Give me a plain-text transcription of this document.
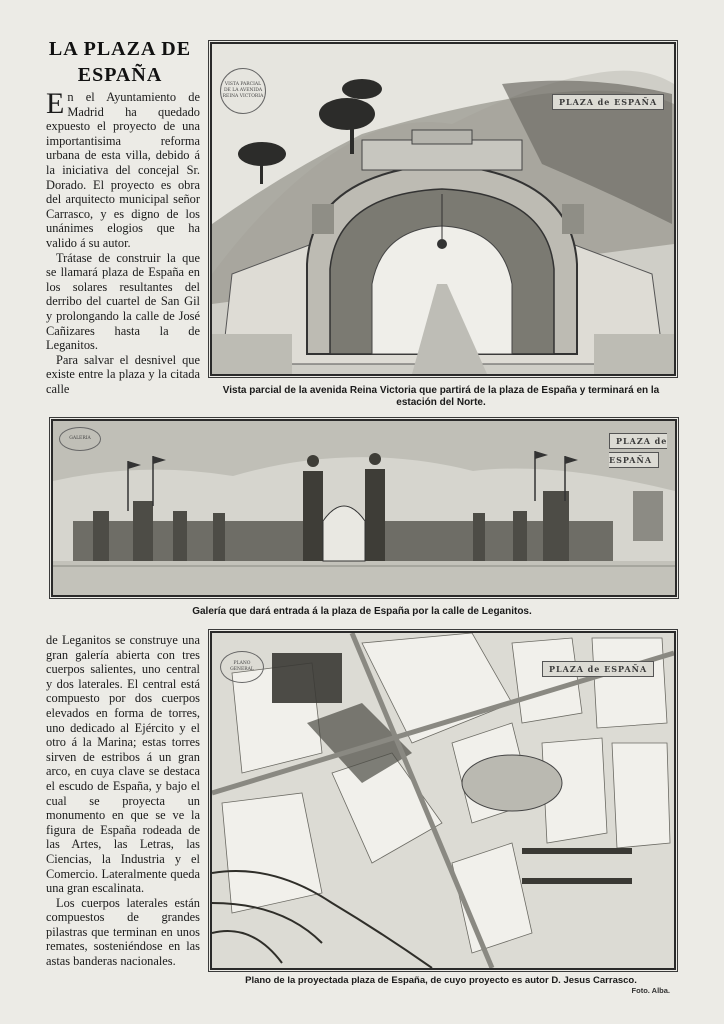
LA PLAZA DE ESPAÑA

En el Ayuntamiento de Madrid ha quedado expuesto el proyecto de una importantisima reforma urbana de esta villa, debido á la iniciativa del concejal Sr. Dorado. El proyecto es obra del arquitecto municipal señor Carrasco, y es digno de los unánimes elogios que ha valido á su autor.

Trátase de construir la que se llamará plaza de España en los solares resultantes del derribo del cuartel de San Gil y prolongando la calle de José Cañizares hasta la de Leganitos.

Para salvar el desnivel que existe entre la plaza y la citada calle

PLAZA de ESPAÑA
VISTA PARCIAL DE LA AVENIDA REINA VICTORIA
Vista parcial de la avenida Reina Victoria que partirá de la plaza de España y terminará en la estación del Norte.
PLAZA de ESPAÑA
GALERIA
Galería que dará entrada á la plaza de España por la calle de Leganitos.

de Leganitos se construye una gran galería abierta con tres cuerpos salientes, uno central y dos laterales. El central está compuesto por dos cuerpos elevados en forma de torres, uno dedicado al Ejército y el otro á la Marina; estas torres sirven de estribos á un gran arco, en cuya clave se destaca el escudo de España, y bajo el cual se proyecta un monumento en que se ve la figura de España rodeada de las Artes, las Letras, las Ciencias, la Industria y el Comercio. Lateralmente queda una gran escalinata.

Los cuerpos laterales están compuestos de grandes pilastras que terminan en unos remates, sosteniéndose en las astas banderas nacionales.

PLAZA de ESPAÑA
PLANO GENERAL
Plano de la proyectada plaza de España, de cuyo proyecto es autor D. Jesus Carrasco.
Foto. Alba.
